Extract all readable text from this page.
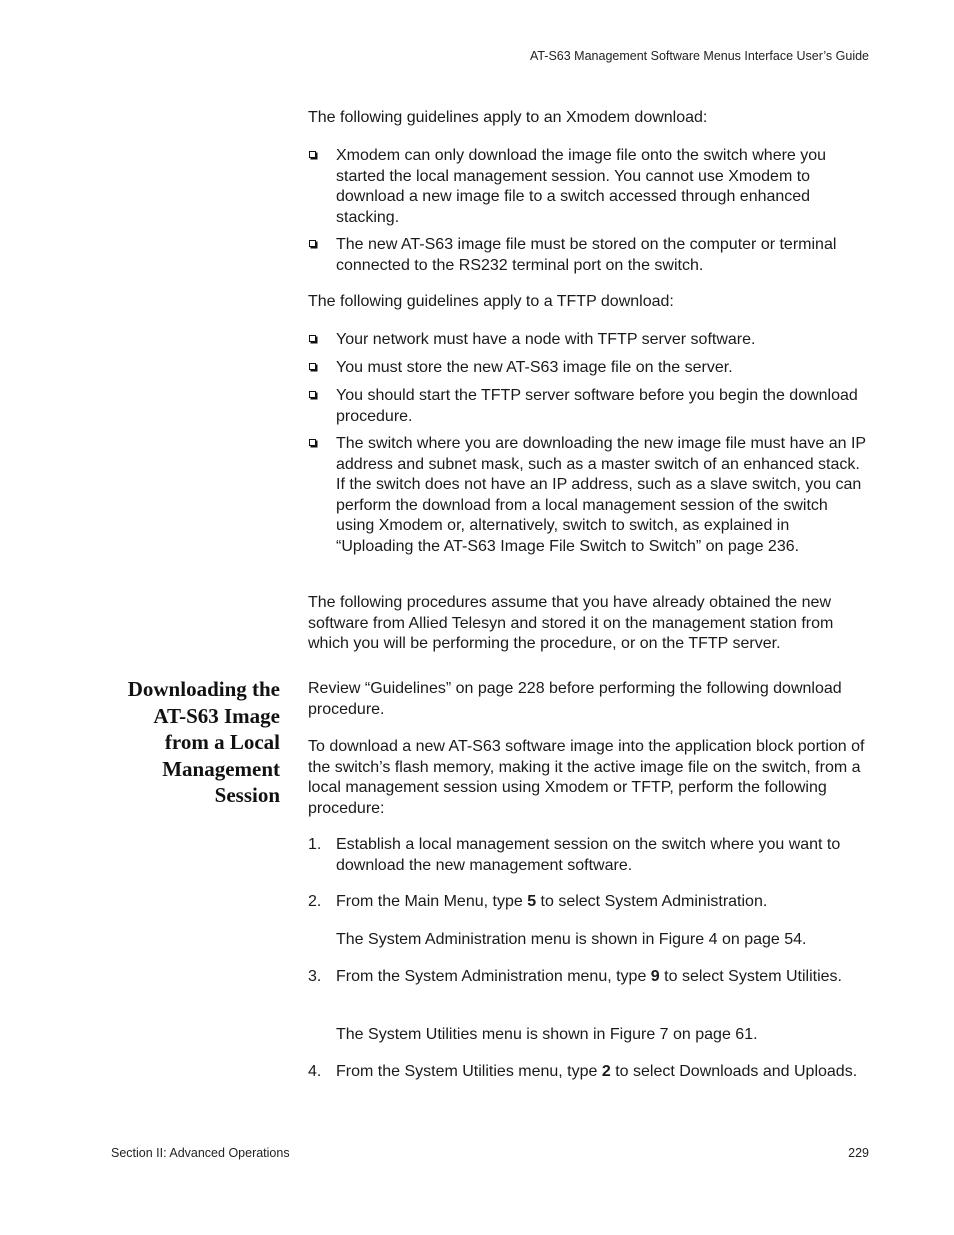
AT-S63 Management Software Menus Interface User’s Guide

The following guidelines apply to an Xmodem download:

Xmodem can only download the image file onto the switch where you started the local management session. You cannot use Xmodem to download a new image file to a switch accessed through enhanced stacking.
The new AT-S63 image file must be stored on the computer or terminal connected to the RS232 terminal port on the switch.

The following guidelines apply to a TFTP download:

Your network must have a node with TFTP server software.
You must store the new AT-S63 image file on the server.
You should start the TFTP server software before you begin the download procedure.
The switch where you are downloading the new image file must have an IP address and subnet mask, such as a master switch of an enhanced stack. If the switch does not have an IP address, such as a slave switch, you can perform the download from a local management session of the switch using Xmodem or, alternatively, switch to switch, as explained in “Uploading the AT-S63 Image File Switch to Switch” on page 236.

The following procedures assume that you have already obtained the new software from Allied Telesyn and stored it on the management station from which you will be performing the procedure, or on the TFTP server.

Review “Guidelines” on page 228 before performing the following download procedure.

To download a new AT-S63 software image into the application block portion of the switch’s flash memory, making it the active image file on the switch, from a local management session using Xmodem or TFTP, perform the following procedure:

1. Establish a local management session on the switch where you want to download the new management software.
2. From the Main Menu, type 5 to select System Administration.
The System Administration menu is shown in Figure 4 on page 54.
3. From the System Administration menu, type 9 to select System Utilities.
The System Utilities menu is shown in Figure 7 on page 61.
4. From the System Utilities menu, type 2 to select Downloads and Uploads.
Downloading the
AT-S63 Image
from a Local
Management
Session
Section II: Advanced Operations	229
